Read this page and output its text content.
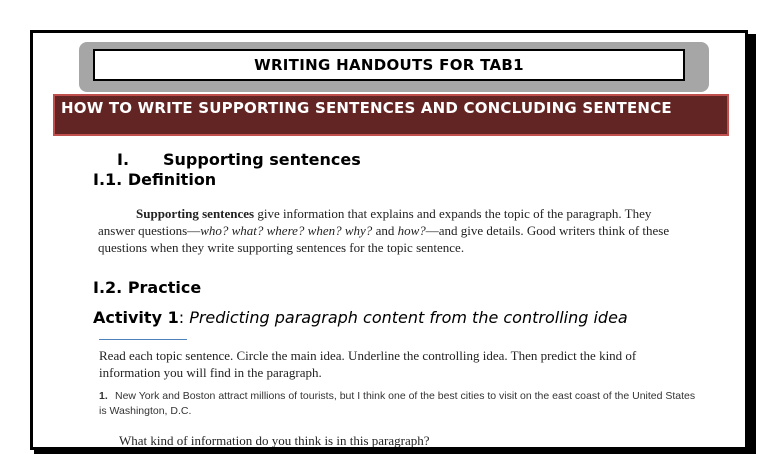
WRITING HANDOUTS FOR TAB1
HOW TO WRITE SUPPORTING SENTENCES AND CONCLUDING SENTENCE
I. Supporting sentences
I.1. Definition

Supporting sentences give information that explains and expands the topic of the paragraph. They answer questions—who? what? where? when? why? and how?—and give details. Good writers think of these questions when they write supporting sentences for the topic sentence.

I.2. Practice
Activity 1: Predicting paragraph content from the controlling idea
Read each topic sentence. Circle the main idea. Underline the controlling idea. Then predict the kind of information you will find in the paragraph.
1. New York and Boston attract millions of tourists, but I think one of the best cities to visit on the east coast of the United States is Washington, D.C.
What kind of information do you think is in this paragraph?
